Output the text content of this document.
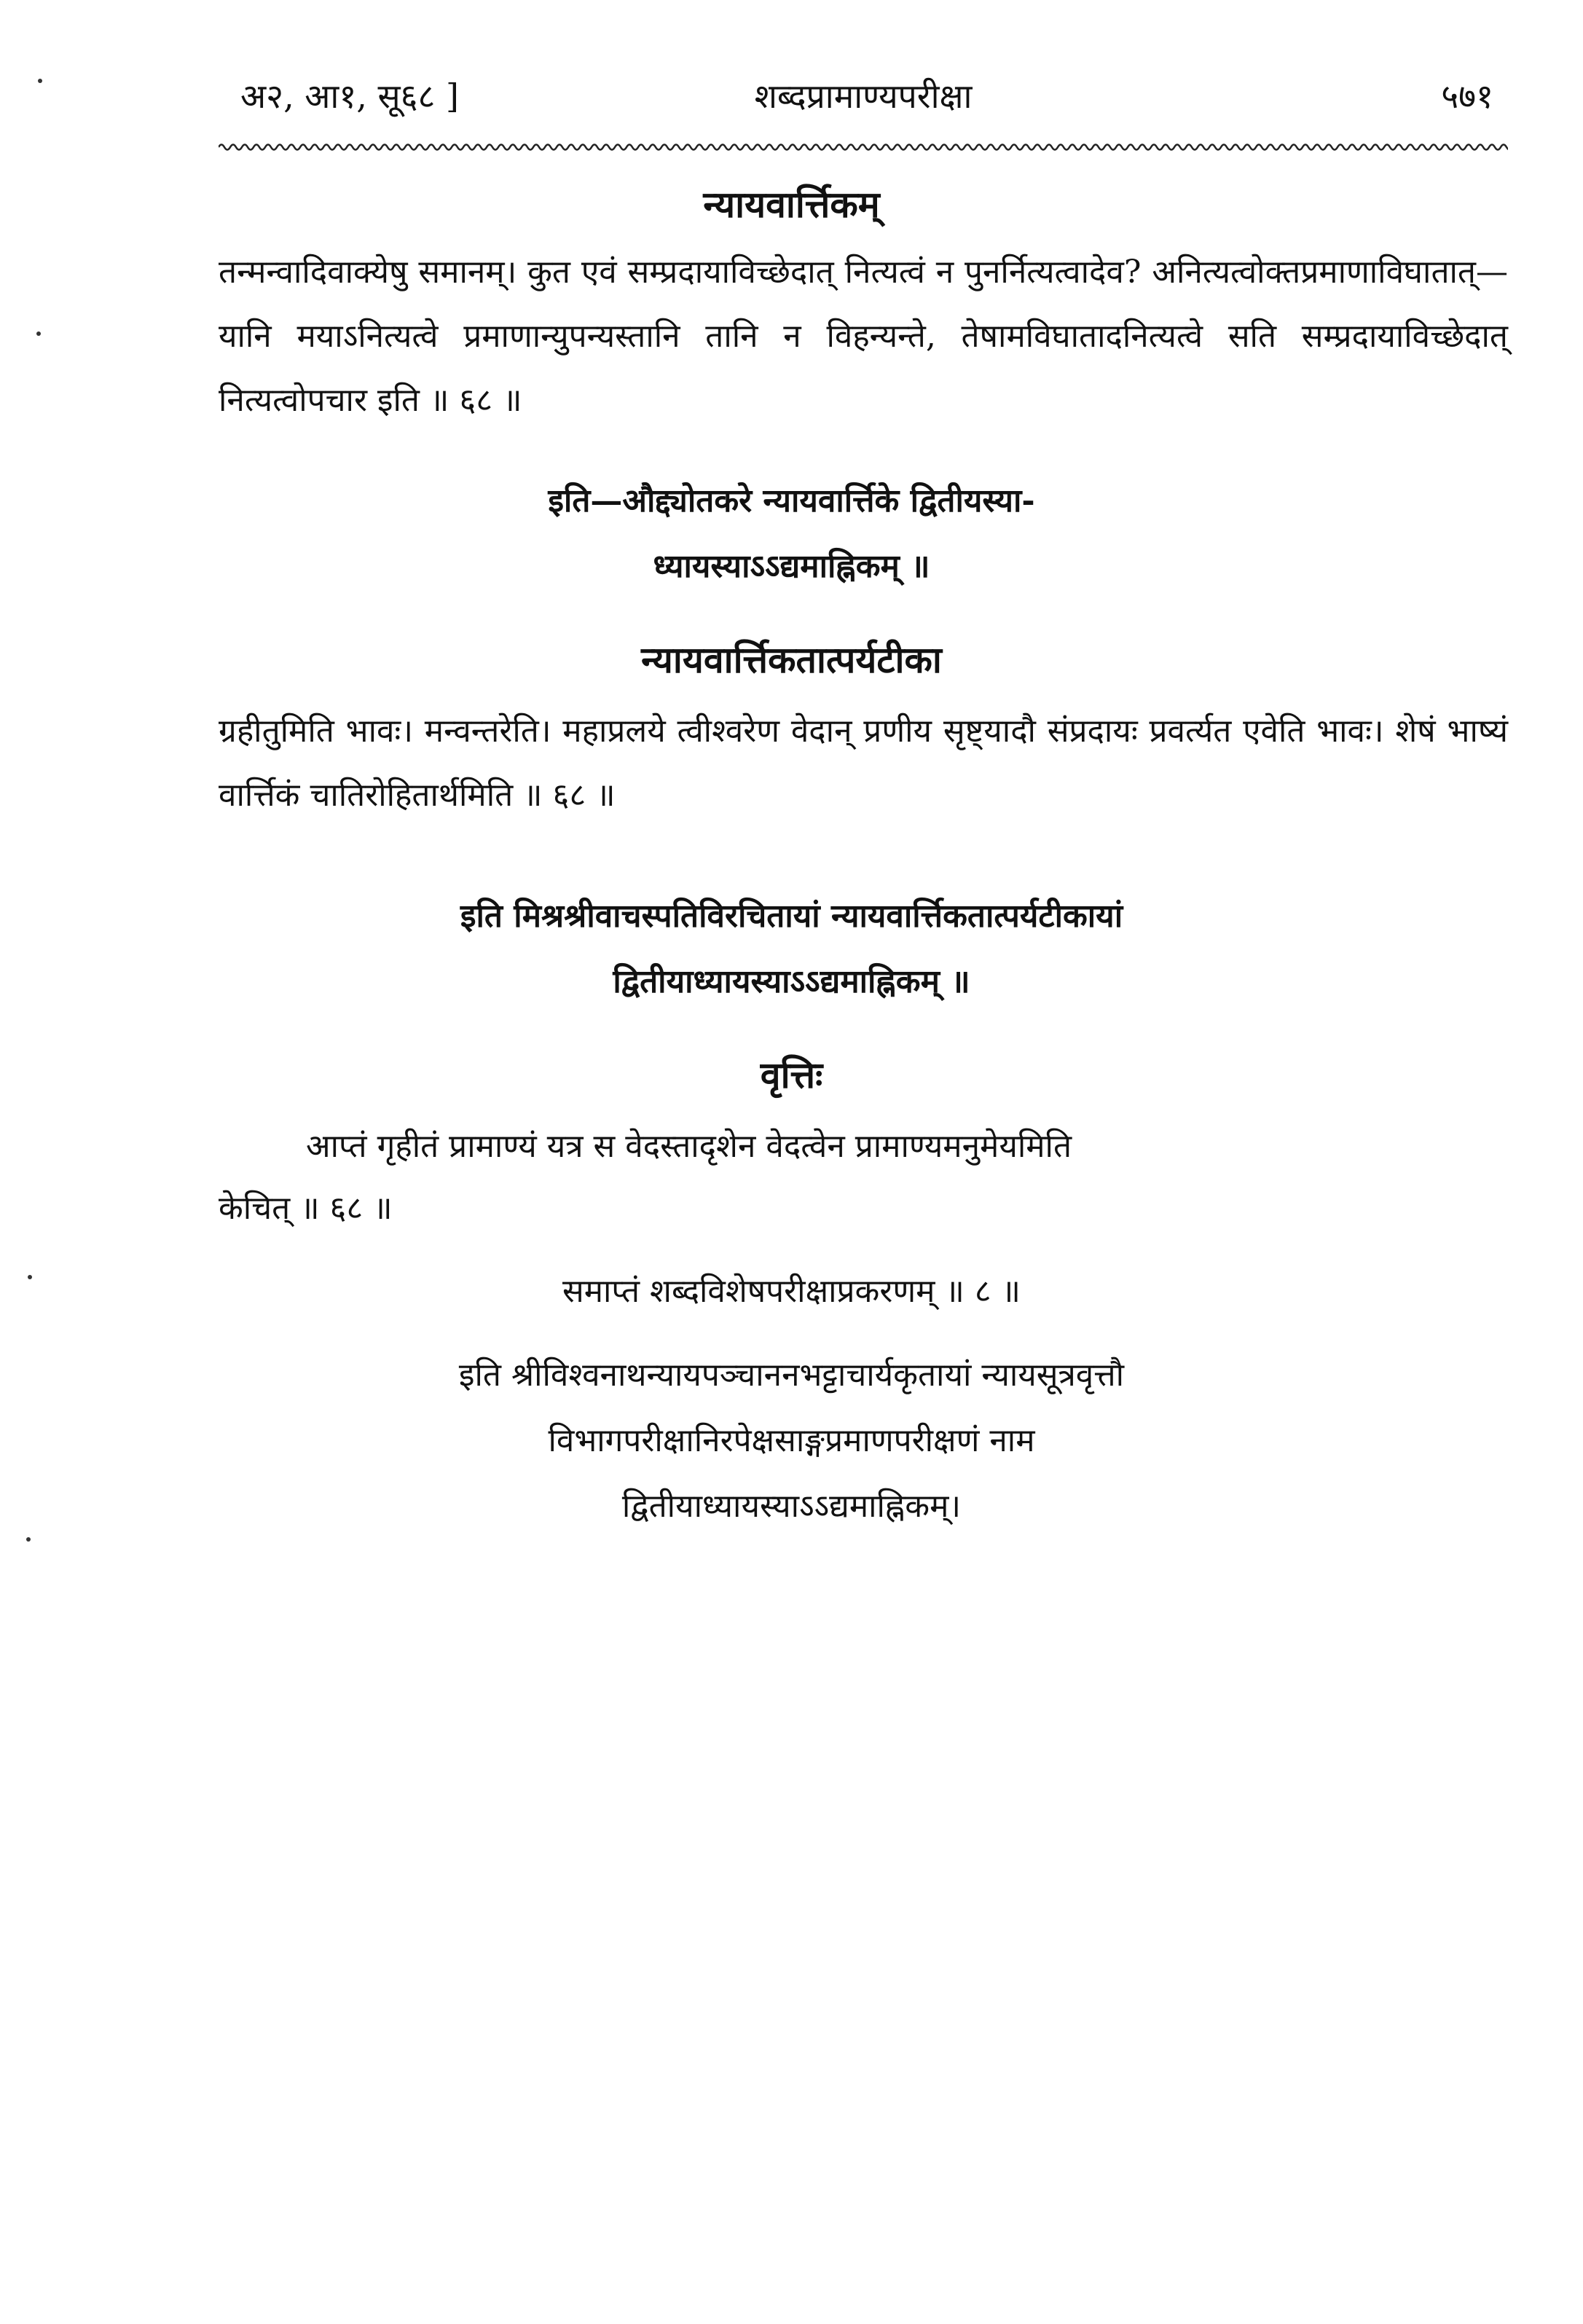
अ२, आ१, सू६८ ]	शब्दप्रामाण्यपरीक्षा	५७१
न्यायवार्त्तिकम्
तन्मन्वादिवाक्येषु समानम्। कुत एवं सम्प्रदायाविच्छेदात् नित्यत्वं न पुनर्नित्यत्वादेव? अनित्यत्वोक्तप्रमाणाविघातात्—यानि मयाऽनित्यत्वे प्रमाणान्युपन्यस्तानि तानि न विहन्यन्ते, तेषामविघातादनित्यत्वे सति सम्प्रदायाविच्छेदात् नित्यत्वोपचार इति ॥ ६८ ॥
इति—औद्द्योतकरे न्यायवार्त्तिके द्वितीयस्या-
ध्यायस्याऽऽद्यमाह्निकम् ॥
न्यायवार्त्तिकतात्पर्यटीका
ग्रहीतुमिति भावः। मन्वन्तरेति। महाप्रलये त्वीश्वरेण वेदान् प्रणीय सृष्ट्यादौ संप्रदायः प्रवर्त्यत एवेति भावः। शेषं भाष्यं वार्त्तिकं चातिरोहितार्थमिति ॥ ६८ ॥
इति मिश्रश्रीवाचस्पतिविरचितायां न्यायवार्त्तिकतात्पर्यटीकायां
द्वितीयाध्यायस्याऽऽद्यमाह्निकम् ॥
वृत्तिः
आप्तं गृहीतं प्रामाण्यं यत्र स वेदस्तादृशेन वेदत्वेन प्रामाण्यमनुमेयमिति
केचित् ॥ ६८ ॥
समाप्तं शब्दविशेषपरीक्षाप्रकरणम् ॥ ८ ॥
इति श्रीविश्वनाथन्यायपञ्चाननभट्टाचार्यकृतायां न्यायसूत्रवृत्तौ
विभागपरीक्षानिरपेक्षसाङ्गप्रमाणपरीक्षणं नाम
द्वितीयाध्यायस्याऽऽद्यमाह्निकम्।
